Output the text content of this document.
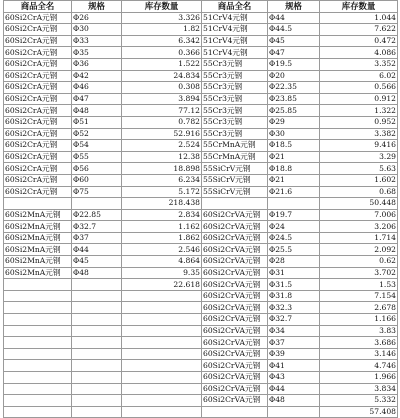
商品全名	规格	库存数量	商品全名	规格	库存数量
60Si2CrA元钢	Φ26	3.326	51CrV4元钢	Φ44	1.044
60Si2CrA元钢	Φ30	1.82	51CrV4元钢	Φ44.5	7.622
60Si2CrA元钢	Φ33	6.342	51CrV4元钢	Φ45	0.472
60Si2CrA元钢	Φ35	0.366	51CrV4元钢	Φ47	4.086
60Si2CrA元钢	Φ36	1.522	55Cr3元钢	Φ19.5	3.352
60Si2CrA元钢	Φ42	24.834	55Cr3元钢	Φ20	6.02
60Si2CrA元钢	Φ46	0.308	55Cr3元钢	Φ22.35	0.566
60Si2CrA元钢	Φ47	3.894	55Cr3元钢	Φ23.85	0.912
60Si2CrA元钢	Φ48	77.12	55Cr3元钢	Φ25.85	1.322
60Si2CrA元钢	Φ51	0.782	55Cr3元钢	Φ29	0.952
60Si2CrA元钢	Φ52	52.916	55Cr3元钢	Φ30	3.382
60Si2CrA元钢	Φ54	2.524	55CrMnA元钢	Φ18.5	9.416
60Si2CrA元钢	Φ55	12.38	55CrMnA元钢	Φ21	3.29
60Si2CrA元钢	Φ56	18.898	55SiCrV元钢	Φ18.8	5.63
60Si2CrA元钢	Φ60	6.234	55SiCrV元钢	Φ21	1.602
60Si2CrA元钢	Φ75	5.172	55SiCrV元钢	Φ21.6	0.68
		218.438			50.448
60Si2MnA元钢	Φ22.85	2.834	60Si2CrVA元钢	Φ19.7	7.006
60Si2MnA元钢	Φ32.7	1.162	60Si2CrVA元钢	Φ24	3.206
60Si2MnA元钢	Φ37	1.862	60Si2CrVA元钢	Φ24.5	1.714
60Si2MnA元钢	Φ44	2.546	60Si2CrVA元钢	Φ25.5	2.092
60Si2MnA元钢	Φ45	4.864	60Si2CrVA元钢	Φ28	0.62
60Si2MnA元钢	Φ48	9.35	60Si2CrVA元钢	Φ31	3.702
		22.618	60Si2CrVA元钢	Φ31.5	1.53
			60Si2CrVA元钢	Φ31.8	7.154
			60Si2CrVA元钢	Φ32.3	2.678
			60Si2CrVA元钢	Φ32.7	1.166
			60Si2CrVA元钢	Φ34	3.83
			60Si2CrVA元钢	Φ37	3.686
			60Si2CrVA元钢	Φ39	3.146
			60Si2CrVA元钢	Φ41	4.746
			60Si2CrVA元钢	Φ43	1.966
			60Si2CrVA元钢	Φ44	3.834
			60Si2CrVA元钢	Φ48	5.332
					57.408
